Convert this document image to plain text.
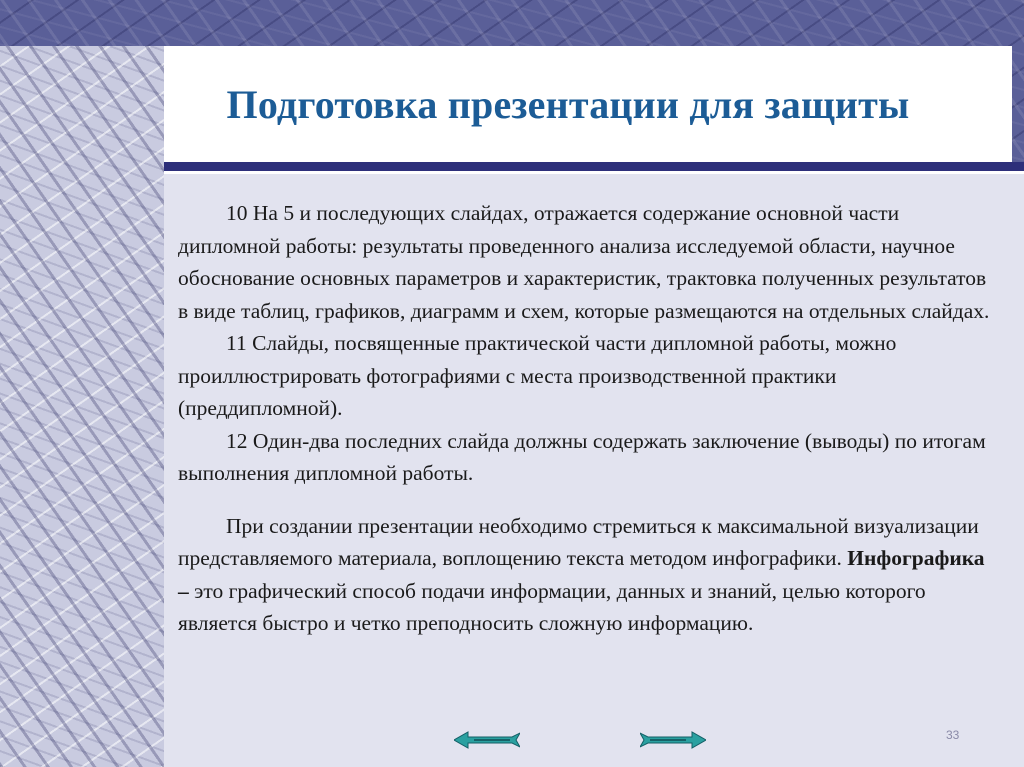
Подготовка презентации для защиты

10 На 5 и последующих слайдах, отражается содержание основной части дипломной работы: результаты проведенного анализа исследуемой области, научное обоснование основных параметров и характеристик, трактовка полученных результатов в виде таблиц, графиков, диаграмм и схем, которые размещаются на отдельных слайдах.

11 Слайды, посвященные практической части дипломной работы, можно проиллюстрировать фотографиями с места производственной практики (преддипломной).

12 Один-два последних слайда должны содержать заключение (выводы) по итогам выполнения дипломной работы.

При создании презентации необходимо стремиться к максимальной визуализации представляемого материала, воплощению текста методом инфографики. Инфографика – это графический способ подачи информации, данных и знаний, целью которого является быстро и четко преподносить сложную информацию.

33
